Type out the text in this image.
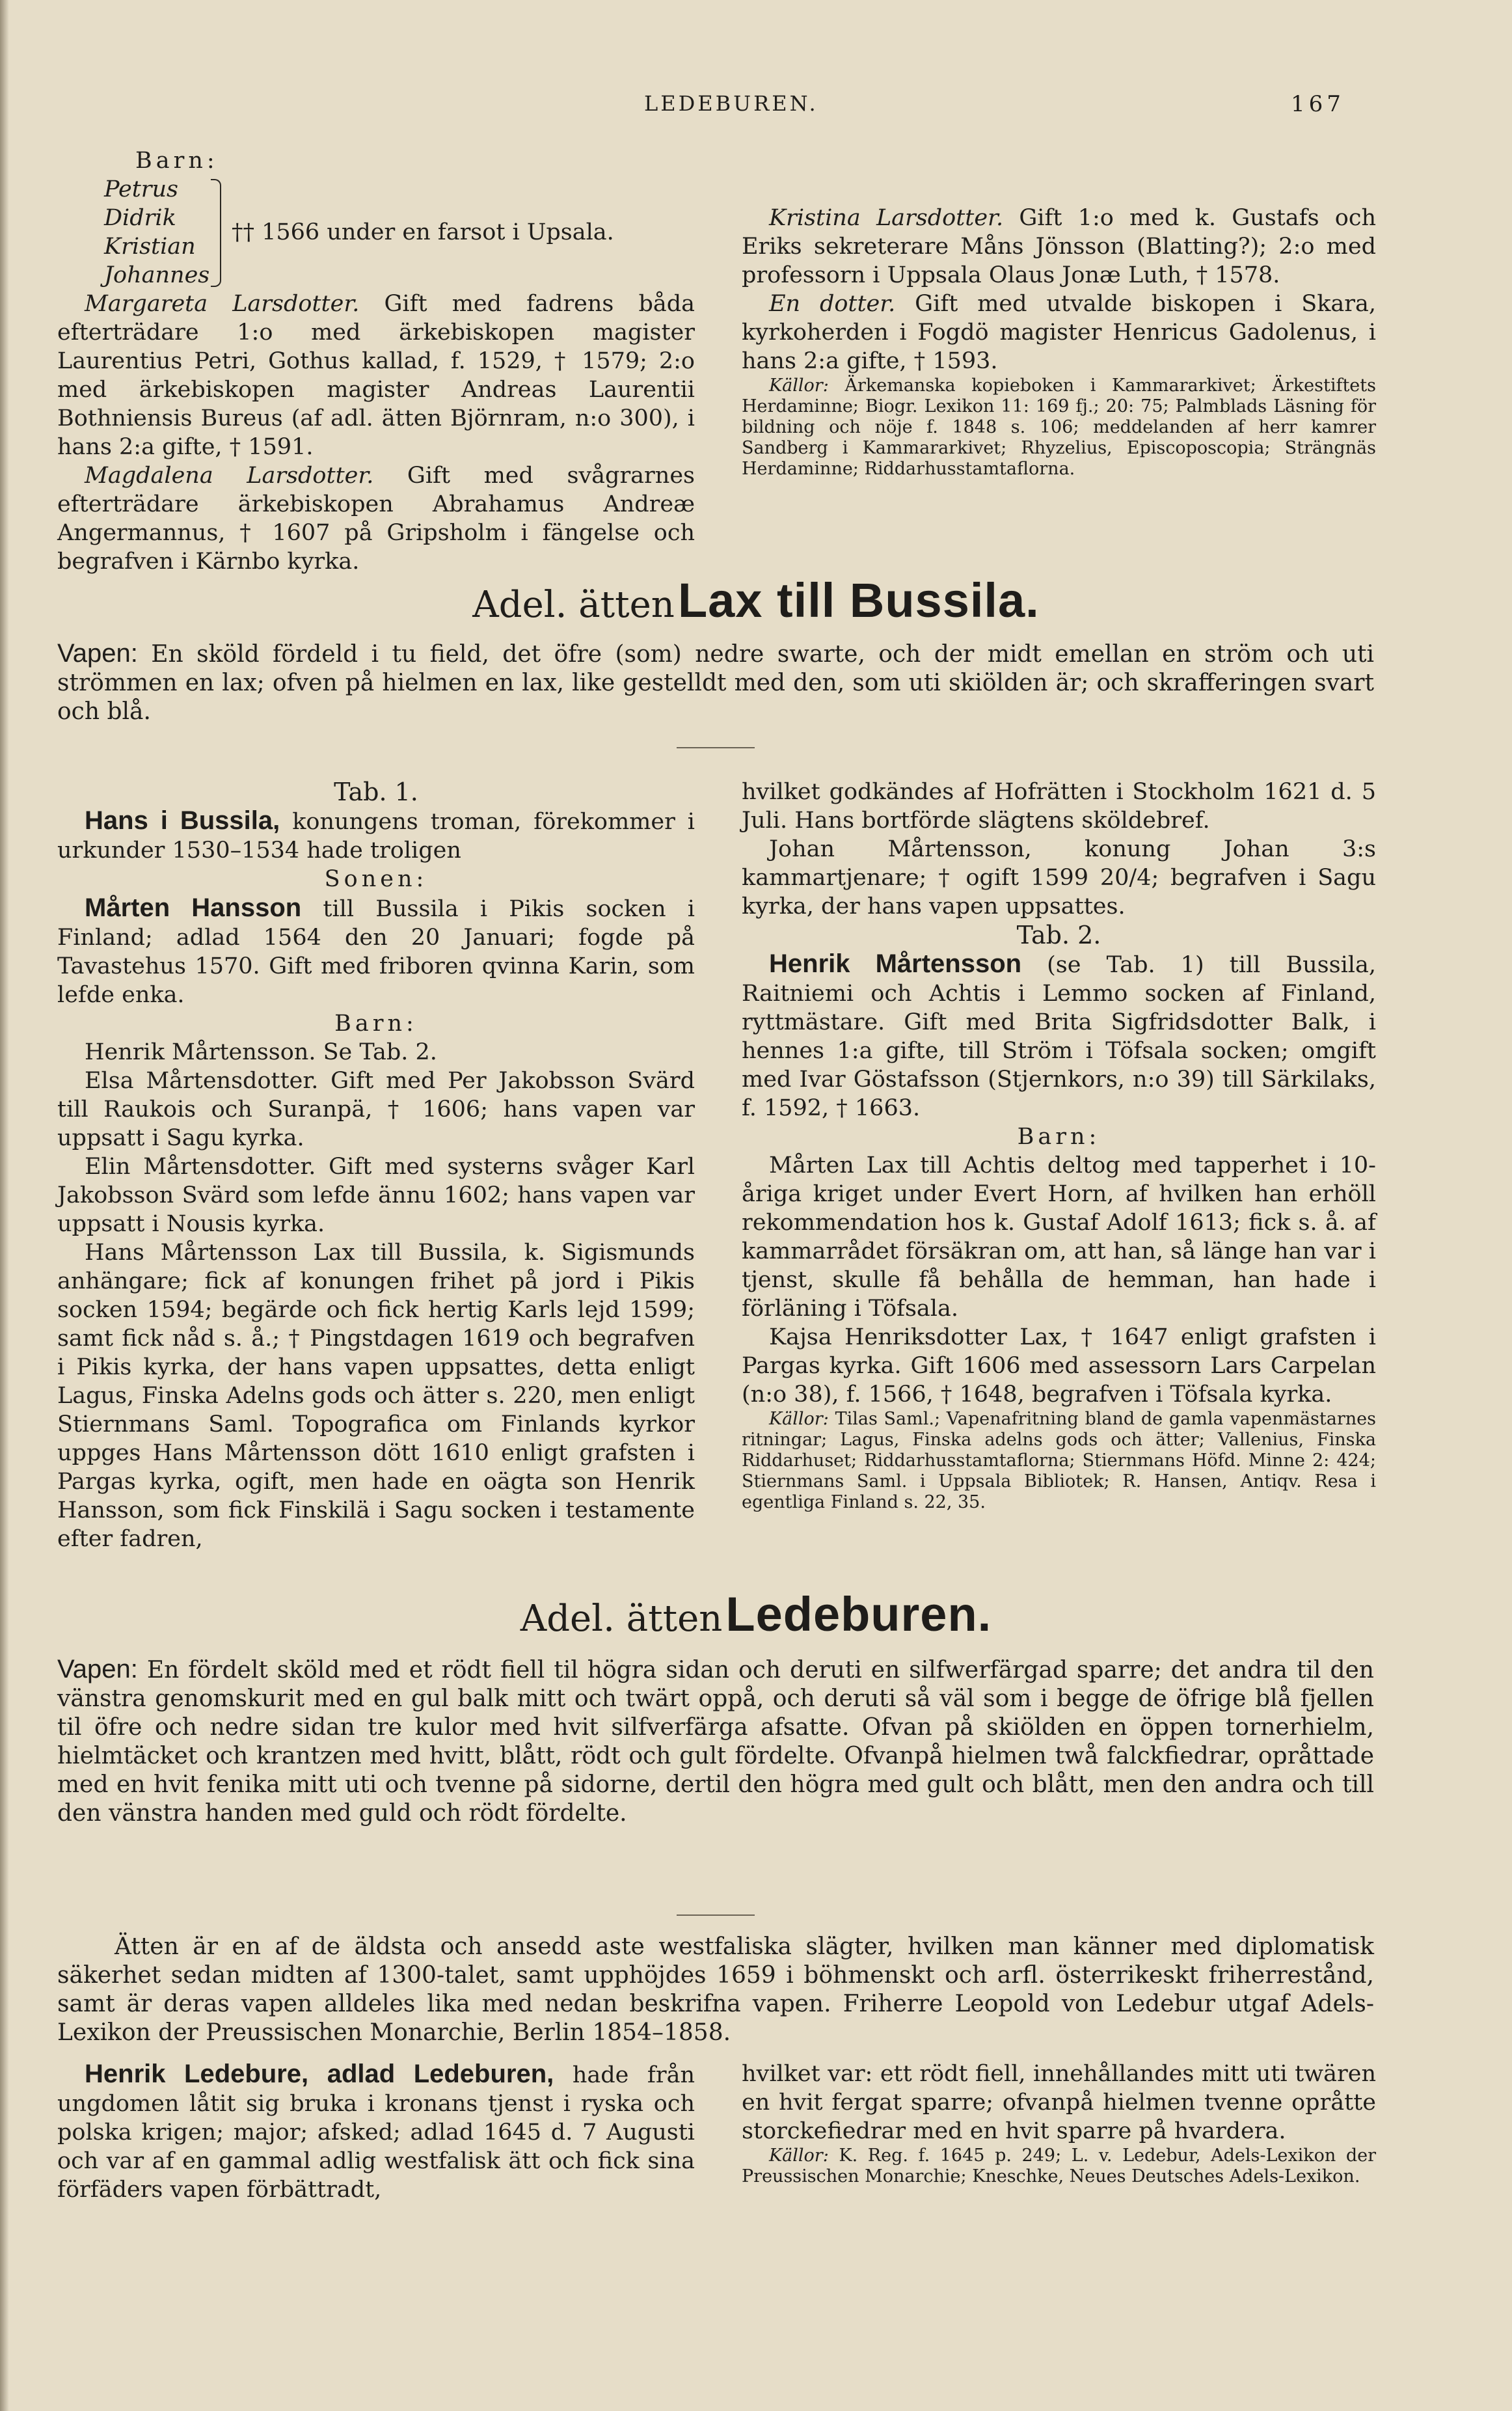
LEDEBUREN.	167

Barn:

Petrus
Didrik
Kristian
Johannes
†† 1566 under en farsot i Upsala.

Margareta Larsdotter. Gift med fadrens båda efterträdare 1:o med ärkebiskopen magister Laurentius Petri, Gothus kallad, f. 1529, † 1579; 2:o med ärkebiskopen magister Andreas Laurentii Bothniensis Bureus (af adl. ätten Björnram, n:o 300), i hans 2:a gifte, † 1591.

Magdalena Larsdotter. Gift med svågrarnes efterträdare ärkebiskopen Abrahamus Andreæ Angermannus, † 1607 på Gripsholm i fängelse och begrafven i Kärnbo kyrka.

Kristina Larsdotter. Gift 1:o med k. Gustafs och Eriks sekreterare Måns Jönsson (Blatting?); 2:o med professorn i Uppsala Olaus Jonæ Luth, † 1578.

En dotter. Gift med utvalde biskopen i Skara, kyrkoherden i Fogdö magister Henricus Gadolenus, i hans 2:a gifte, † 1593.

Källor: Ärkemanska kopieboken i Kammararkivet; Ärkestiftets Herdaminne; Biogr. Lexikon 11: 169 fj.; 20: 75; Palmblads Läsning för bildning och nöje f. 1848 s. 106; meddelanden af herr kamrer Sandberg i Kammararkivet; Rhyzelius, Episcoposcopia; Strängnäs Herdaminne; Riddarhusstamtaflorna.

Adel. ätten Lax till Bussila.
Vapen: En sköld fördeld i tu field, det öfre (som) nedre swarte, och der midt emellan en ström och uti strömmen en lax; ofven på hielmen en lax, like gestelldt med den, som uti skiölden är; och skrafferingen svart och blå.

Tab. 1.

Hans i Bussila, konungens troman, förekommer i urkunder 1530–1534 hade troligen

Sonen:

Mårten Hansson till Bussila i Pikis socken i Finland; adlad 1564 den 20 Januari; fogde på Tavastehus 1570. Gift med friboren qvinna Karin, som lefde enka.

Barn:

Henrik Mårtensson. Se Tab. 2.

Elsa Mårtensdotter. Gift med Per Jakobsson Svärd till Raukois och Suranpä, † 1606; hans vapen var uppsatt i Sagu kyrka.

Elin Mårtensdotter. Gift med systerns svåger Karl Jakobsson Svärd som lefde ännu 1602; hans vapen var uppsatt i Nousis kyrka.

Hans Mårtensson Lax till Bussila, k. Sigismunds anhängare; fick af konungen frihet på jord i Pikis socken 1594; begärde och fick hertig Karls lejd 1599; samt fick nåd s. å.; † Pingstdagen 1619 och begrafven i Pikis kyrka, der hans vapen uppsattes, detta enligt Lagus, Finska Adelns gods och ätter s. 220, men enligt Stiernmans Saml. Topografica om Finlands kyrkor uppges Hans Mårtensson dött 1610 enligt grafsten i Pargas kyrka, ogift, men hade en oägta son Henrik Hansson, som fick Finskilä i Sagu socken i testamente efter fadren,

hvilket godkändes af Hofrätten i Stockholm 1621 d. 5 Juli. Hans bortförde slägtens sköldebref.

Johan Mårtensson, konung Johan 3:s kammartjenare; † ogift 1599 20/4; begrafven i Sagu kyrka, der hans vapen uppsattes.

Tab. 2.

Henrik Mårtensson (se Tab. 1) till Bussila, Raitniemi och Achtis i Lemmo socken af Finland, ryttmästare. Gift med Brita Sigfridsdotter Balk, i hennes 1:a gifte, till Ström i Töfsala socken; omgift med Ivar Göstafsson (Stjernkors, n:o 39) till Särkilaks, f. 1592, † 1663.

Barn:

Mårten Lax till Achtis deltog med tapperhet i 10-åriga kriget under Evert Horn, af hvilken han erhöll rekommendation hos k. Gustaf Adolf 1613; fick s. å. af kammarrådet försäkran om, att han, så länge han var i tjenst, skulle få behålla de hemman, han hade i förläning i Töfsala.

Kajsa Henriksdotter Lax, † 1647 enligt grafsten i Pargas kyrka. Gift 1606 med assessorn Lars Carpelan (n:o 38), f. 1566, † 1648, begrafven i Töfsala kyrka.

Källor: Tilas Saml.; Vapenafritning bland de gamla vapenmästarnes ritningar; Lagus, Finska adelns gods och ätter; Vallenius, Finska Riddarhuset; Riddarhusstamtaflorna; Stiernmans Höfd. Minne 2: 424; Stiernmans Saml. i Uppsala Bibliotek; R. Hansen, Antiqv. Resa i egentliga Finland s. 22, 35.

Adel. ätten Ledeburen.
Vapen: En fördelt sköld med et rödt fiell til högra sidan och deruti en silfwerfärgad sparre; det andra til den vänstra genomskurit med en gul balk mitt och twärt oppå, och deruti så väl som i begge de öfrige blå fjellen til öfre och nedre sidan tre kulor med hvit silfverfärga afsatte. Ofvan på skiölden en öppen tornerhielm, hielmtäcket och krantzen med hvitt, blått, rödt och gult fördelte. Ofvanpå hielmen twå falckfiedrar, opråttade med en hvit fenika mitt uti och tvenne på sidorne, dertil den högra med gult och blått, men den andra och till den vänstra handen med guld och rödt fördelte.
Ätten är en af de äldsta och ansedd aste westfaliska slägter, hvilken man känner med diplomatisk säkerhet sedan midten af 1300-talet, samt upphöjdes 1659 i böhmenskt och arfl. österrikeskt friherrestånd, samt är deras vapen alldeles lika med nedan beskrifna vapen. Friherre Leopold von Ledebur utgaf Adels-Lexikon der Preussischen Monarchie, Berlin 1854–1858.

Henrik Ledebure, adlad Ledeburen, hade från ungdomen låtit sig bruka i kronans tjenst i ryska och polska krigen; major; afsked; adlad 1645 d. 7 Augusti och var af en gammal adlig westfalisk ätt och fick sina förfäders vapen förbättradt,

hvilket var: ett rödt fiell, innehållandes mitt uti twären en hvit fergat sparre; ofvanpå hielmen tvenne opråtte storckefiedrar med en hvit sparre på hvardera.

Källor: K. Reg. f. 1645 p. 249; L. v. Ledebur, Adels-Lexikon der Preussischen Monarchie; Kneschke, Neues Deutsches Adels-Lexikon.
